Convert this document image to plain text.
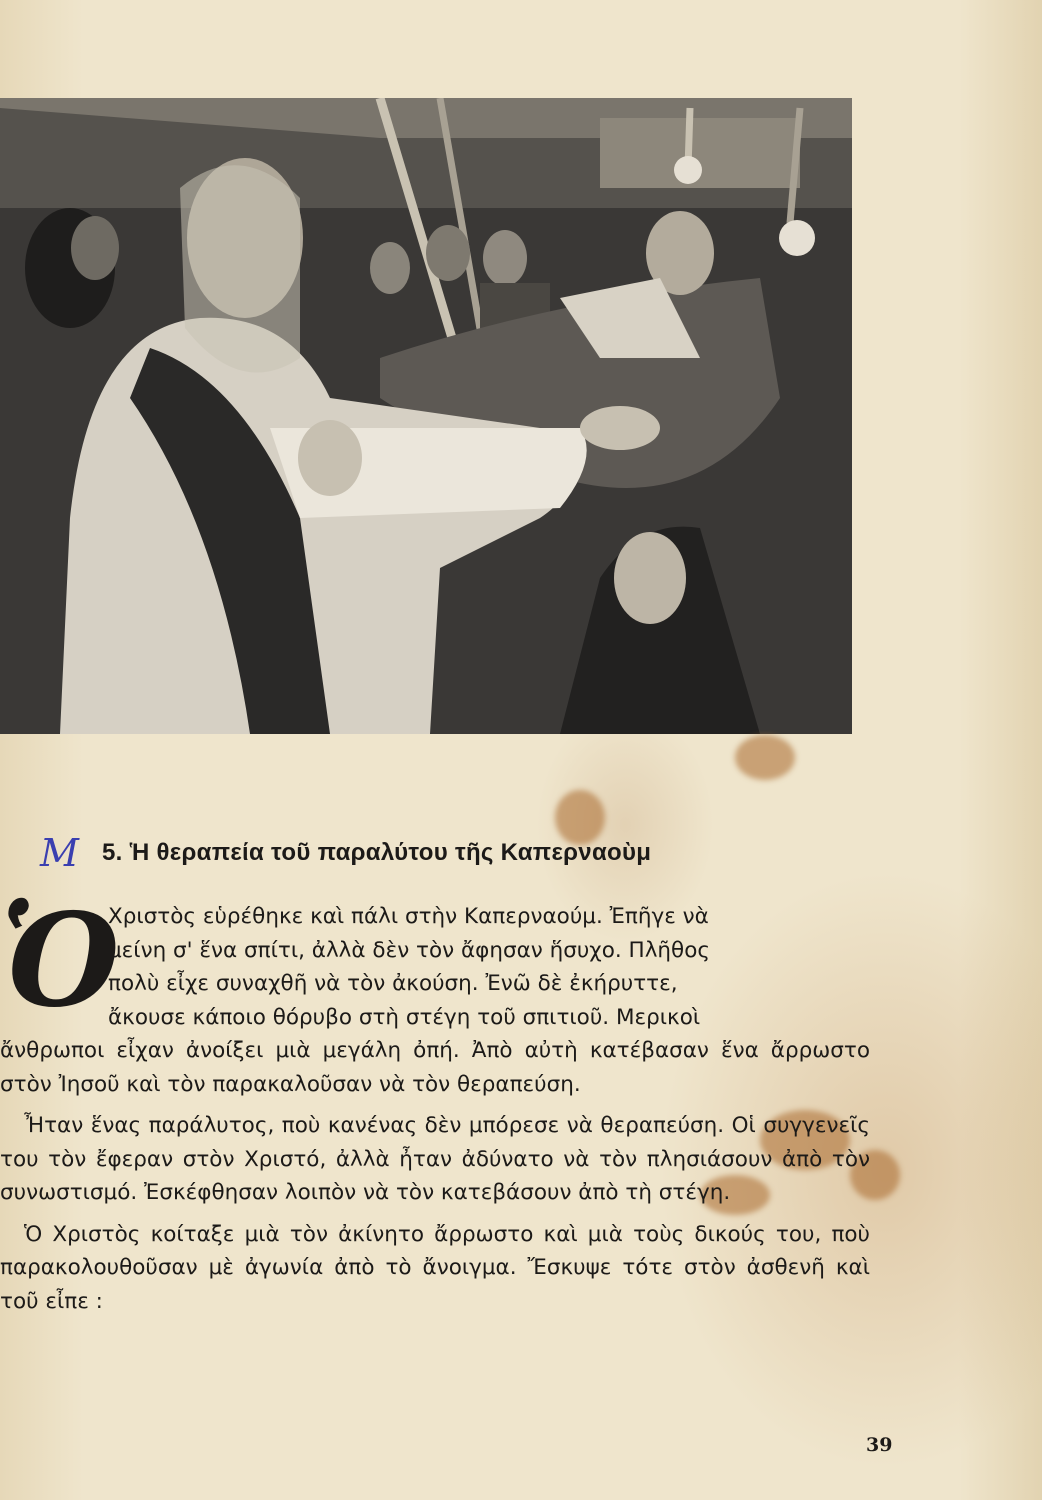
Μ 5. Ἡ θεραπεία τοῦ παραλύτου τῆς Καπερναοὺμ
Ὁ
Χριστὸς εὑρέθηκε καὶ πάλι στὴν Καπερναούμ. Ἐπῆγε νὰ
μείνη σ' ἕνα σπίτι, ἀλλὰ δὲν τὸν ἄφησαν ἥσυχο. Πλῆθος
πολὺ εἶχε συναχθῆ νὰ τὸν ἀκούση. Ἐνῶ δὲ ἐκήρυττε,
ἄκουσε κάποιο θόρυβο στὴ στέγη τοῦ σπιτιοῦ. Μερικοὶ

ἄνθρωποι εἶχαν ἀνοίξει μιὰ μεγάλη ὀπή. Ἀπὸ αὐτὴ κατέβασαν ἕνα ἄρρωστο στὸν Ἰησοῦ καὶ τὸν παρακαλοῦσαν νὰ τὸν θεραπεύση.

Ἦταν ἕνας παράλυτος, ποὺ κανένας δὲν μπόρεσε νὰ θεραπεύση. Οἱ συγγενεῖς του τὸν ἔφεραν στὸν Χριστό, ἀλλὰ ἦταν ἀδύνατο νὰ τὸν πλησιάσουν ἀπὸ τὸν συνωστισμό. Ἐσκέφθησαν λοιπὸν νὰ τὸν κατεβάσουν ἀπὸ τὴ στέγη.

Ὁ Χριστὸς κοίταξε μιὰ τὸν ἀκίνητο ἄρρωστο καὶ μιὰ τοὺς δικούς του, ποὺ παρακολουθοῦσαν μὲ ἀγωνία ἀπὸ τὸ ἄνοιγμα. Ἔσκυψε τότε στὸν ἀσθενῆ καὶ τοῦ εἶπε :

39
